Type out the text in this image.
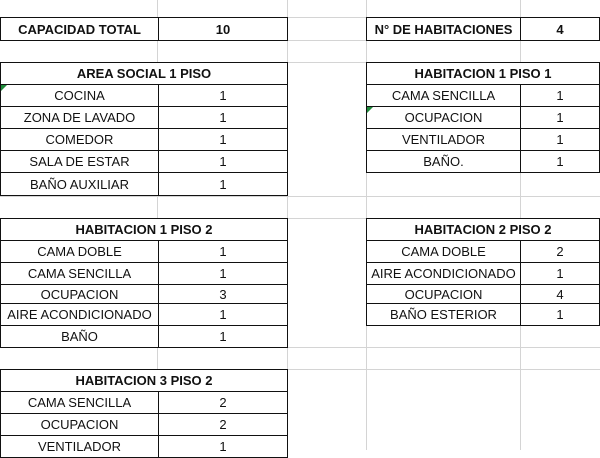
CAPACIDAD TOTAL	10	N° DE HABITACIONES	4
AREA SOCIAL 1 PISO
COCINA	1
ZONA DE LAVADO	1
COMEDOR	1
SALA DE ESTAR	1
BAÑO AUXILIAR	1
HABITACION 1 PISO 1
CAMA SENCILLA	1
OCUPACION	1
VENTILADOR	1
BAÑO.	1
HABITACION 1 PISO 2
CAMA DOBLE	1
CAMA SENCILLA	1
OCUPACION	3
AIRE ACONDICIONADO	1
BAÑO	1
HABITACION 2 PISO 2
CAMA DOBLE	2
AIRE ACONDICIONADO	1
OCUPACION	4
BAÑO ESTERIOR	1
HABITACION 3 PISO 2
CAMA SENCILLA	2
OCUPACION	2
VENTILADOR	1
